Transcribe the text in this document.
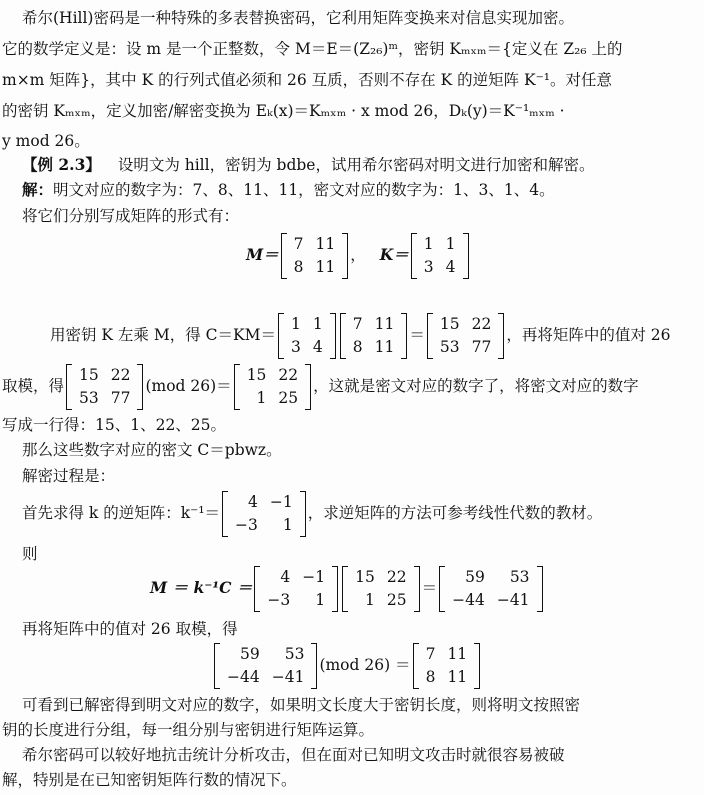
希尔(Hill)密码是一种特殊的多表替换密码，它利用矩阵变换来对信息实现加密。
它的数学定义是：设 m 是一个正整数，令 M＝E＝(Z₂₆)ᵐ，密钥 Kₘₓₘ＝{定义在 Z₂₆ 上的
m×m 矩阵}，其中 K 的行列式值必须和 26 互质，否则不存在 K 的逆矩阵 K⁻¹。对任意
的密钥 Kₘₓₘ，定义加密/解密变换为 Eₖ(x)＝Kₘₓₘ · x mod 26，Dₖ(y)＝K⁻¹ₘₓₘ ·
y mod 26。
【例 2.3】 设明文为 hill，密钥为 bdbe，试用希尔密码对明文进行加密和解密。
解：明文对应的数字为：7、8、11、11，密文对应的数字为：1、3、1、4。
将它们分别写成矩阵的形式有：
M＝
7	11
8	11
， K＝
1	1
3	4
用密钥 K 左乘 M，得 C＝KM＝
1	1
3	4
7	11
8	11
＝
15	22
53	77
，再将矩阵中的值对 26
取模，得
15	22
53	77
(mod 26)＝
15	22
1	25
，这就是密文对应的数字了，将密文对应的数字
写成一行得：15、1、22、25。
那么这些数字对应的密文 C＝pbwz。
解密过程是：
首先求得 k 的逆矩阵：k⁻¹＝
4	−1
−3	1
，求逆矩阵的方法可参考线性代数的教材。
则
M ＝ k⁻¹C ＝
4	−1
−3	1
15	22
1	25
＝
59	53
−44	−41
再将矩阵中的值对 26 取模，得
59	53
−44	−41
(mod 26) ＝
7	11
8	11
可看到已解密得到明文对应的数字，如果明文长度大于密钥长度，则将明文按照密
钥的长度进行分组，每一组分别与密钥进行矩阵运算。
希尔密码可以较好地抗击统计分析攻击，但在面对已知明文攻击时就很容易被破
解，特别是在已知密钥矩阵行数的情况下。
